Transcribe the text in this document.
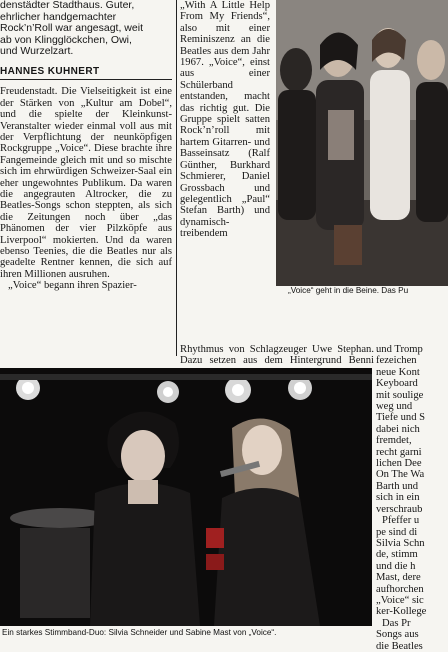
denstädter Stadthaus. Guter,

ehrlicher handgemachter

Rock’n’Roll war angesagt, weit

ab von Klingglöckchen, Owi,

und Wurzelzart.

HANNES KUHNERT

Freudenstadt. Die Vielseitigkeit ist eine der Stärken von „Kultur am Dobel“, und die spielte der Kleinkunst-Veranstalter wieder einmal voll aus mit der Verpflichtung der neunköpfigen Rockgruppe „Voice“. Diese brachte ihre Fangemeinde gleich mit und so mischte sich im ehrwürdigen Schweizer-Saal ein eher ungewohntes Publikum. Da waren die angegrauten Altrocker, die zu Beatles-Songs schon steppten, als sich die Zeitungen noch über „das Phänomen der vier Pilzköpfe aus Liverpool“ mokierten. Und da waren ebenso Teenies, die die Beatles nur als geadelte Rentner kennen, die sich auf ihren Millionen ausruhen.

„Voice“ begann ihren Spazier-

„With A Little Help From My Friends“, also mit einer Reminiszenz an die Beatles aus dem Jahr 1967. „Voice“, einst aus einer Schülerband entstanden, macht das richtig gut. Die Gruppe spielt satten Rock’n’roll mit hartem Gitarren- und Basseinsatz (Ralf Günther, Burkhard Schmierer, Daniel Grossbach und gelegentlich „Paul“ Stefan Barth) und dynamisch-treibendem

„Voice“ geht in die Beine. Das Pu

Rhythmus von Schlagzeuger Uwe Stephan. Dazu setzen aus dem Hintergrund Benni

und Tromp

fezeichen

neue Kont

Keyboard

mit soulige

weg und

Tiefe und S

dabei nich

fremdet,

recht garni

lichen Dee

On The Wa

Barth und

sich in ein

verschraub

Pfeffer u

pe sind di

Silvia Schn

de, stimm

und die h

Mast, dere

aufhorchen

„Voice“ sic

ker-Kollege

Das Pr

Songs aus

die Beatles

Ein starkes Stimmband-Duo: Silvia Schneider und Sabine Mast von „Voice“.
